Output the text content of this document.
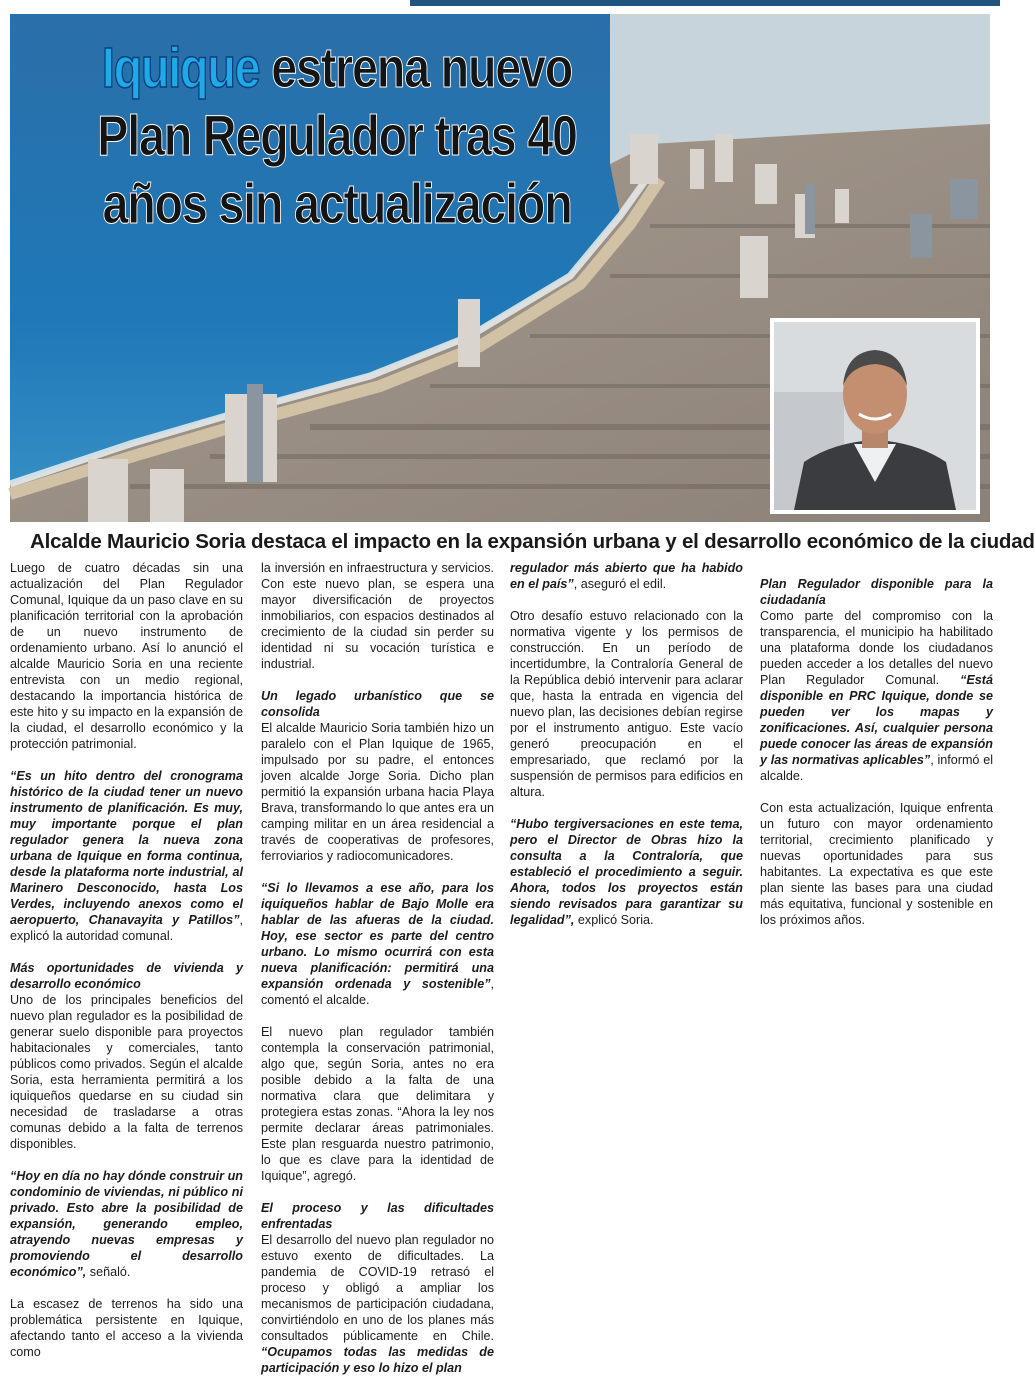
Iquique estrena nuevo Plan Regulador tras 40 años sin actualización
Alcalde Mauricio Soria destaca el impacto en la expansión urbana y el desarrollo económico de la ciudad

Luego de cuatro décadas sin una actualización del Plan Regulador Comunal, Iquique da un paso clave en su planificación territorial con la aprobación de un nuevo instrumento de ordenamiento urbano. Así lo anunció el alcalde Mauricio Soria en una reciente entrevista con un medio regional, destacando la importancia histórica de este hito y su impacto en la expansión de la ciudad, el desarrollo económico y la protección patrimonial.

“Es un hito dentro del cronograma histórico de la ciudad tener un nuevo instrumento de planificación. Es muy, muy importante porque el plan regulador genera la nueva zona urbana de Iquique en forma continua, desde la plataforma norte industrial, al Marinero Desconocido, hasta Los Verdes, incluyendo anexos como el aeropuerto, Chanavayita y Patillos”, explicó la autoridad comunal.

Más oportunidades de vivienda y desarrollo económico

Uno de los principales beneficios del nuevo plan regulador es la posibilidad de generar suelo disponible para proyectos habitacionales y comerciales, tanto públicos como privados. Según el alcalde Soria, esta herramienta permitirá a los iquiqueños quedarse en su ciudad sin necesidad de trasladarse a otras comunas debido a la falta de terrenos disponibles.

“Hoy en día no hay dónde construir un condominio de viviendas, ni público ni privado. Esto abre la posibilidad de expansión, generando empleo, atrayendo nuevas empresas y promoviendo el desarrollo económico”, señaló.

La escasez de terrenos ha sido una problemática persistente en Iquique, afectando tanto el acceso a la vivienda como

la inversión en infraestructura y servicios. Con este nuevo plan, se espera una mayor diversificación de proyectos inmobiliarios, con espacios destinados al crecimiento de la ciudad sin perder su identidad ni su vocación turística e industrial.

Un legado urbanístico que se consolida

El alcalde Mauricio Soria también hizo un paralelo con el Plan Iquique de 1965, impulsado por su padre, el entonces joven alcalde Jorge Soria. Dicho plan permitió la expansión urbana hacia Playa Brava, transformando lo que antes era un camping militar en un área residencial a través de cooperativas de profesores, ferroviarios y radiocomunicadores.

“Si lo llevamos a ese año, para los iquiqueños hablar de Bajo Molle era hablar de las afueras de la ciudad. Hoy, ese sector es parte del centro urbano. Lo mismo ocurrirá con esta nueva planificación: permitirá una expansión ordenada y sostenible”, comentó el alcalde.

El nuevo plan regulador también contempla la conservación patrimonial, algo que, según Soria, antes no era posible debido a la falta de una normativa clara que delimitara y protegiera estas zonas. “Ahora la ley nos permite declarar áreas patrimoniales. Este plan resguarda nuestro patrimonio, lo que es clave para la identidad de Iquique”, agregó.

El proceso y las dificultades enfrentadas

El desarrollo del nuevo plan regulador no estuvo exento de dificultades. La pandemia de COVID-19 retrasó el proceso y obligó a ampliar los mecanismos de participación ciudadana, convirtiéndolo en uno de los planes más consultados públicamente en Chile. “Ocupamos todas las medidas de participación y eso lo hizo el plan

regulador más abierto que ha habido en el país”, aseguró el edil.

Otro desafío estuvo relacionado con la normativa vigente y los permisos de construcción. En un período de incertidumbre, la Contraloría General de la República debió intervenir para aclarar que, hasta la entrada en vigencia del nuevo plan, las decisiones debían regirse por el instrumento antiguo. Este vacío generó preocupación en el empresariado, que reclamó por la suspensión de permisos para edificios en altura.

“Hubo tergiversaciones en este tema, pero el Director de Obras hizo la consulta a la Contraloría, que estableció el procedimiento a seguir. Ahora, todos los proyectos están siendo revisados para garantizar su legalidad”, explicó Soria.

Plan Regulador disponible para la ciudadanía
Como parte del compromiso con la transparencia, el municipio ha habilitado una plataforma donde los ciudadanos pueden acceder a los detalles del nuevo Plan Regulador Comunal. “Está disponible en PRC Iquique, donde se pueden ver los mapas y zonificaciones. Así, cualquier persona puede conocer las áreas de expansión y las normativas aplicables”, informó el alcalde.

Con esta actualización, Iquique enfrenta un futuro con mayor ordenamiento territorial, crecimiento planificado y nuevas oportunidades para sus habitantes. La expectativa es que este plan siente las bases para una ciudad más equitativa, funcional y sostenible en los próximos años.
